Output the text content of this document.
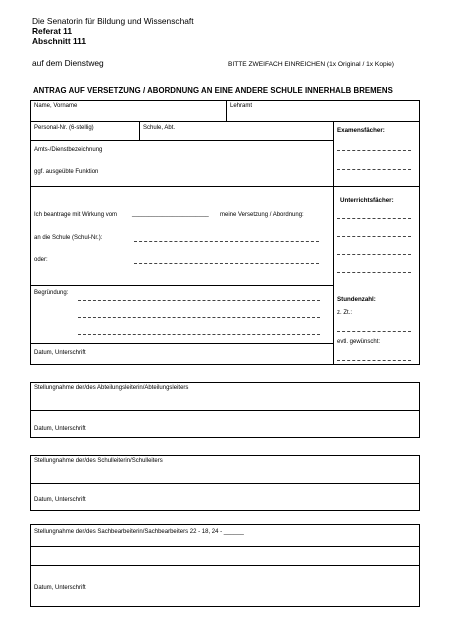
Die Senatorin für Bildung und Wissenschaft
Referat 11
Abschnitt 111
auf dem Dienstweg	BITTE ZWEIFACH EINREICHEN (1x Original / 1x Kopie)
ANTRAG AUF VERSETZUNG / ABORDNUNG AN EINE ANDERE SCHULE INNERHALB BREMENS
Name, Vorname	Lehramt
Personal-Nr. (6-stellig)	Schule, Abt.
Amts-/Dienstbezeichnung
ggf. ausgeübte Funktion
Ich beantrage mit Wirkung vom _______________________ meine Versetzung / Abordnung:
an die Schule (Schul-Nr.):
oder:
Begründung:
Datum, Unterschrift
Examensfächer:
Unterrichtsfächer:
Stundenzahl:
z. Zt.:
evtl. gewünscht:
Stellungnahme der/des Abteilungsleiterin/Abteilungsleiters
Datum, Unterschrift
Stellungnahme der/des Schulleiterin/Schulleiters
Datum, Unterschrift
Stellungnahme der/des Sachbearbeiterin/Sachbearbeiters 22 - 18, 24 - ______
Datum, Unterschrift
